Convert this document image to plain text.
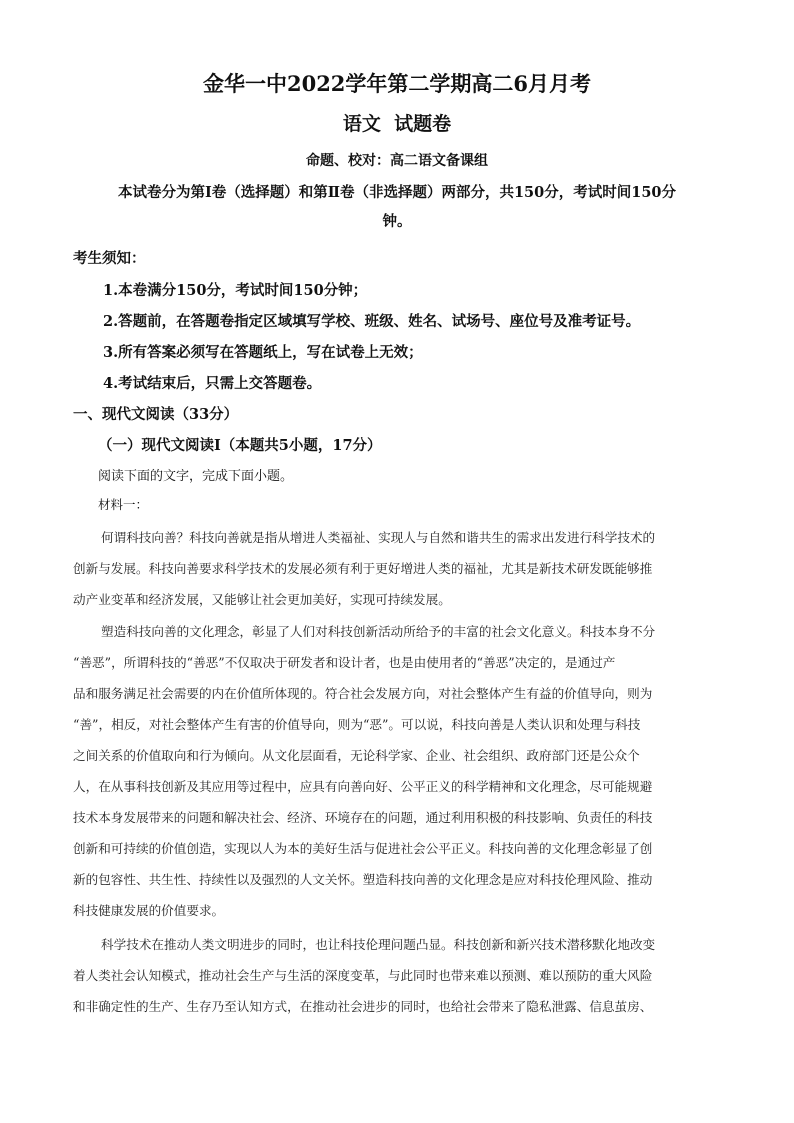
金华一中2022学年第二学期高二6月月考
语文  试题卷
命题、校对：高二语文备课组
本试卷分为第Ⅰ卷（选择题）和第Ⅱ卷（非选择题）两部分，共150分，考试时间150分
钟。
考生须知：
1.本卷满分150分，考试时间150分钟；
2.答题前，在答题卷指定区域填写学校、班级、姓名、试场号、座位号及准考证号。
3.所有答案必须写在答题纸上，写在试卷上无效；
4.考试结束后，只需上交答题卷。
一、现代文阅读（33分）
（一）现代文阅读Ⅰ（本题共5小题，17分）
阅读下面的文字，完成下面小题。
材料一：
何谓科技向善？科技向善就是指从增进人类福祉、实现人与自然和谐共生的需求出发进行科学技术的
创新与发展。科技向善要求科学技术的发展必须有利于更好增进人类的福祉，尤其是新技术研发既能够推
动产业变革和经济发展，又能够让社会更加美好，实现可持续发展。
塑造科技向善的文化理念，彰显了人们对科技创新活动所给予的丰富的社会文化意义。科技本身不分
“善恶”，所谓科技的“善恶”不仅取决于研发者和设计者，也是由使用者的“善恶”决定的，是通过产
品和服务满足社会需要的内在价值所体现的。符合社会发展方向，对社会整体产生有益的价值导向，则为
“善”，相反，对社会整体产生有害的价值导向，则为“恶”。可以说，科技向善是人类认识和处理与科技
之间关系的价值取向和行为倾向。从文化层面看，无论科学家、企业、社会组织、政府部门还是公众个
人，在从事科技创新及其应用等过程中，应具有向善向好、公平正义的科学精神和文化理念，尽可能规避
技术本身发展带来的问题和解决社会、经济、环境存在的问题，通过利用积极的科技影响、负责任的科技
创新和可持续的价值创造，实现以人为本的美好生活与促进社会公平正义。科技向善的文化理念彰显了创
新的包容性、共生性、持续性以及强烈的人文关怀。塑造科技向善的文化理念是应对科技伦理风险、推动
科技健康发展的价值要求。
科学技术在推动人类文明进步的同时，也让科技伦理问题凸显。科技创新和新兴技术潜移默化地改变
着人类社会认知模式，推动社会生产与生活的深度变革，与此同时也带来难以预测、难以预防的重大风险
和非确定性的生产、生存乃至认知方式，在推动社会进步的同时，也给社会带来了隐私泄露、信息茧房、
